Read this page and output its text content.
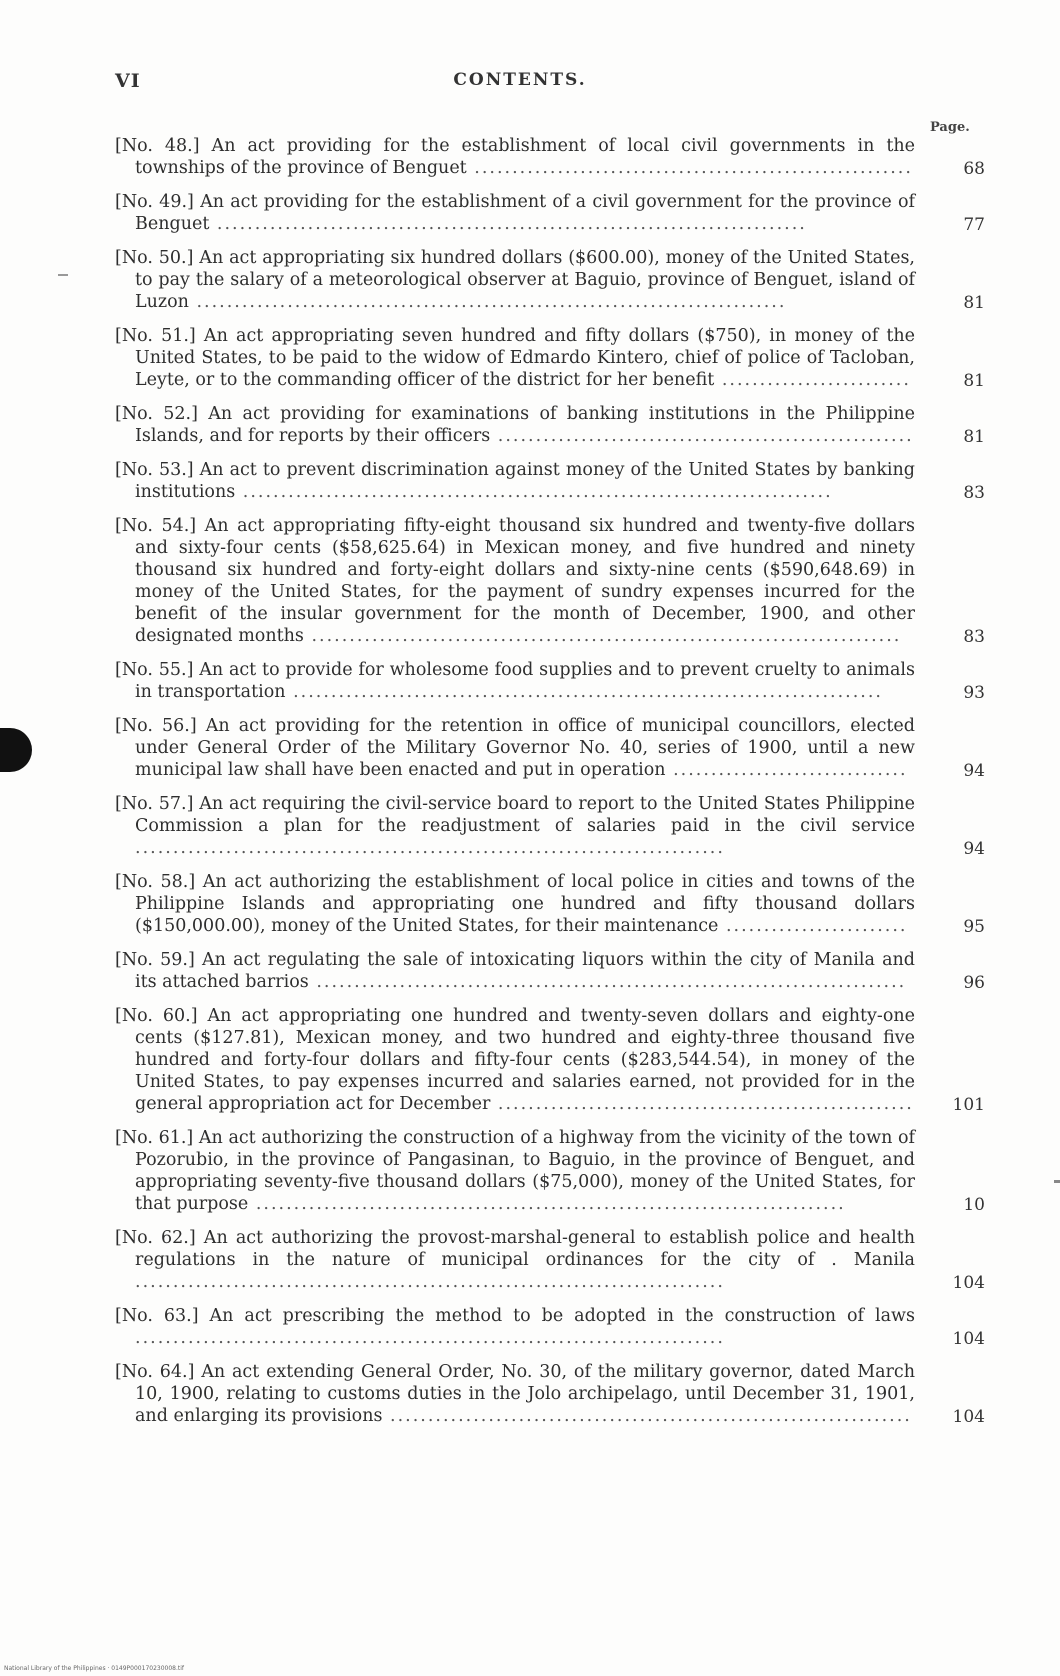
VI	CONTENTS.
Page.
[No. 48.] An act providing for the establishment of local civil governments in the townships of the province of Benguet ..........................................................	68
[No. 49.] An act providing for the establishment of a civil government for the province of Benguet ..............................................................................	77
[No. 50.] An act appropriating six hundred dollars ($600.00), money of the United States, to pay the salary of a meteorological observer at Baguio, province of Benguet, island of Luzon ..............................................................................	81
[No. 51.] An act appropriating seven hundred and fifty dollars ($750), in money of the United States, to be paid to the widow of Edmardo Kintero, chief of police of Tacloban, Leyte, or to the commanding officer of the district for her benefit .........................	81
[No. 52.] An act providing for examinations of banking institutions in the Philippine Islands, and for reports by their officers .......................................................	81
[No. 53.] An act to prevent discrimination against money of the United States by banking institutions ..............................................................................	83
[No. 54.] An act appropriating fifty-eight thousand six hundred and twenty-five dollars and sixty-four cents ($58,625.64) in Mexican money, and five hundred and ninety thousand six hundred and forty-eight dollars and sixty-nine cents ($590,648.69) in money of the United States, for the payment of sundry expenses incurred for the benefit of the insular government for the month of December, 1900, and other designated months ..............................................................................	83
[No. 55.] An act to provide for wholesome food supplies and to prevent cruelty to animals in transportation ..............................................................................	93
[No. 56.] An act providing for the retention in office of municipal councillors, elected under General Order of the Military Governor No. 40, series of 1900, until a new municipal law shall have been enacted and put in operation ...............................	94
[No. 57.] An act requiring the civil-service board to report to the United States Philippine Commission a plan for the readjustment of salaries paid in the civil service ..............................................................................	94
[No. 58.] An act authorizing the establishment of local police in cities and towns of the Philippine Islands and appropriating one hundred and fifty thousand dollars ($150,000.00), money of the United States, for their maintenance ........................	95
[No. 59.] An act regulating the sale of intoxicating liquors within the city of Manila and its attached barrios ..............................................................................	96
[No. 60.] An act appropriating one hundred and twenty-seven dollars and eighty-one cents ($127.81), Mexican money, and two hundred and eighty-three thousand five hundred and forty-four dollars and fifty-four cents ($283,544.54), in money of the United States, to pay expenses incurred and salaries earned, not provided for in the general appropriation act for December .......................................................	101
[No. 61.] An act authorizing the construction of a highway from the vicinity of the town of Pozorubio, in the province of Pangasinan, to Baguio, in the province of Benguet, and appropriating seventy-five thousand dollars ($75,000), money of the United States, for that purpose ..............................................................................	10
[No. 62.] An act authorizing the provost-marshal-general to establish police and health regulations in the nature of municipal ordinances for the city of . Manila ..............................................................................	104
[No. 63.] An act prescribing the method to be adopted in the construction of laws ..............................................................................	104
[No. 64.] An act extending General Order, No. 30, of the military governor, dated March 10, 1900, relating to customs duties in the Jolo archipelago, until December 31, 1901, and enlarging its provisions .....................................................................	104
National Library of the Philippines · 0149P000170230008.tif
